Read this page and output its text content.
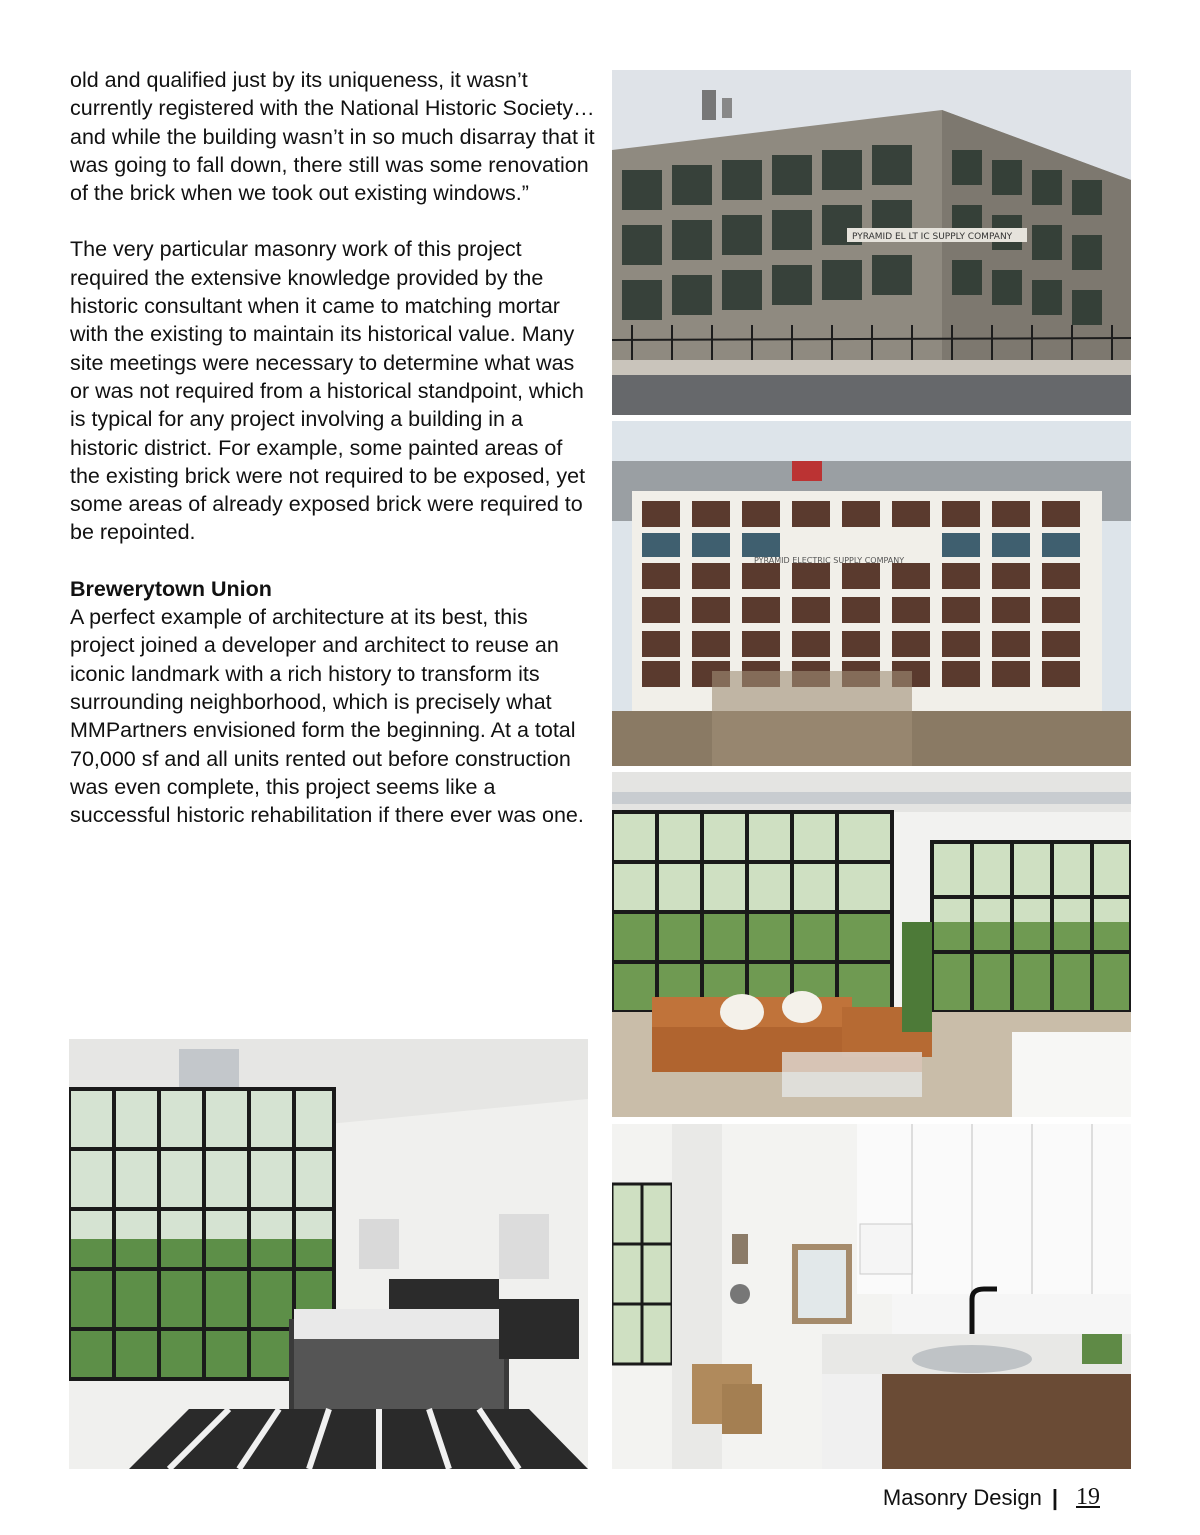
old and qualified just by its uniqueness, it wasn’t currently registered with the National Historic Society… and while the building wasn’t in so much disarray that it was going to fall down, there still was some renovation of the brick when we took out existing windows.”

The very particular masonry work of this project required the extensive knowledge provided by the historic consultant when it came to matching mortar with the existing to maintain its historical value. Many site meetings were necessary to determine what was or was not required from a historical standpoint, which is typical for any project involving a building in a historic district. For example, some painted areas of the existing brick were not required to be exposed, yet some areas of already exposed brick were required to be repointed.

Brewerytown Union

A perfect example of architecture at its best, this project joined a developer and architect to reuse an iconic landmark with a rich history to transform its surrounding neighborhood, which is precisely what MMPartners envisioned form the beginning. At a total 70,000 sf and all units rented out before construction was even complete, this project seems like a successful historic rehabilitation if there ever was one.

PYRAMID EL LT IC SUPPLY COMPANY
PYRAMID ELECTRIC SUPPLY COMPANY
Masonry Design | 19
